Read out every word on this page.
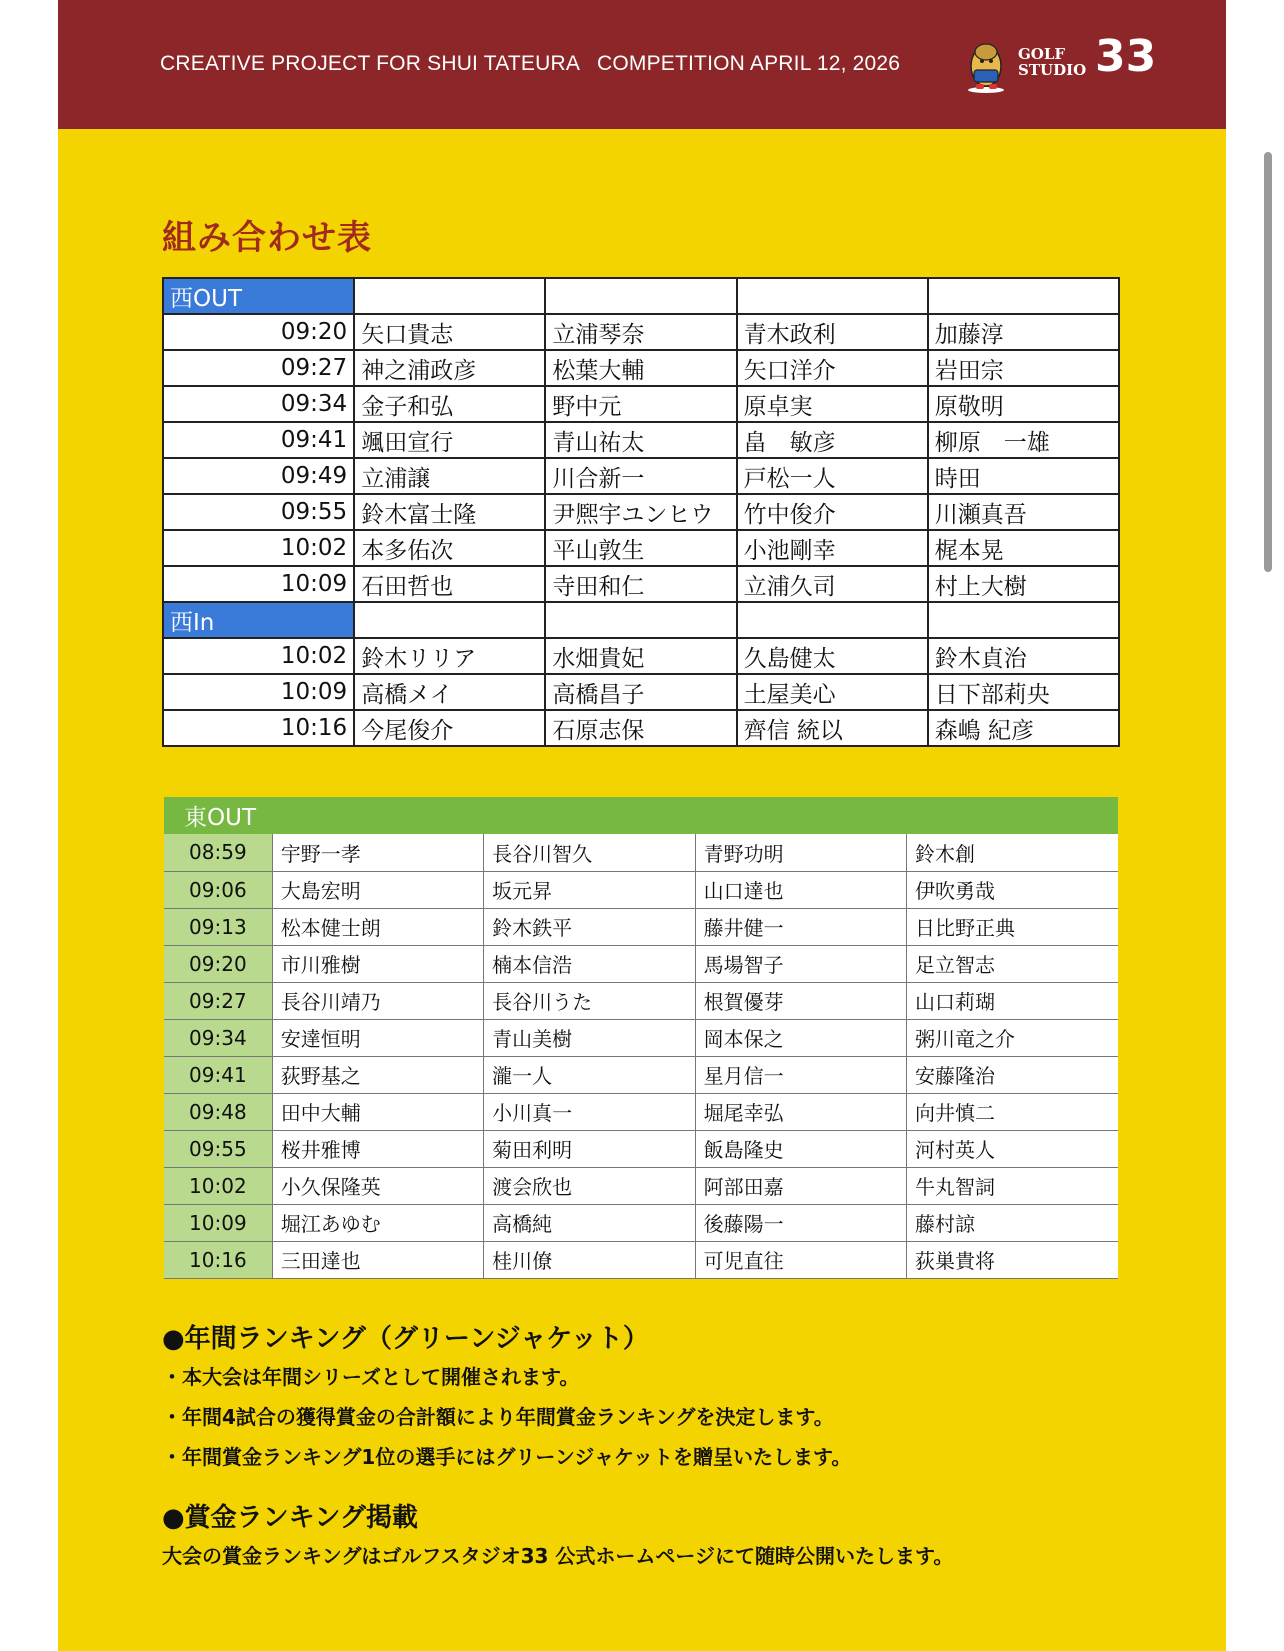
CREATIVE PROJECT FOR SHUI TATEURA   COMPETITION APRIL 12, 2026	GOLF
STUDIO 33
組み合わせ表
西OUT				
09:20	矢口貴志	立浦琴奈	青木政利	加藤淳
09:27	神之浦政彦	松葉大輔	矢口洋介	岩田宗
09:34	金子和弘	野中元	原卓実	原敬明
09:41	颯田宣行	青山祐太	畠　敏彦	柳原　一雄
09:49	立浦譲	川合新一	戸松一人	時田
09:55	鈴木富士隆	尹熈宇ユンヒウ	竹中俊介	川瀬真吾
10:02	本多佑次	平山敦生	小池剛幸	梶本晃
10:09	石田哲也	寺田和仁	立浦久司	村上大樹
西In				
10:02	鈴木リリア	水畑貴妃	久島健太	鈴木貞治
10:09	高橋メイ	高橋昌子	土屋美心	日下部莉央
10:16	今尾俊介	石原志保	齊信 統以	森嶋 紀彦
東OUT				
08:59	宇野一孝	長谷川智久	青野功明	鈴木創
09:06	大島宏明	坂元昇	山口達也	伊吹勇哉
09:13	松本健士朗	鈴木鉄平	藤井健一	日比野正典
09:20	市川雅樹	楠本信浩	馬場智子	足立智志
09:27	長谷川靖乃	長谷川うた	根賀優芽	山口莉瑚
09:34	安達恒明	青山美樹	岡本保之	粥川竜之介
09:41	荻野基之	瀧一人	星月信一	安藤隆治
09:48	田中大輔	小川真一	堀尾幸弘	向井慎二
09:55	桜井雅博	菊田利明	飯島隆史	河村英人
10:02	小久保隆英	渡会欣也	阿部田嘉	牛丸智詞
10:09	堀江あゆむ	高橋純	後藤陽一	藤村諒
10:16	三田達也	桂川僚	可児直往	荻巣貴将
●年間ランキング（グリーンジャケット）
・本大会は年間シリーズとして開催されます。
・年間4試合の獲得賞金の合計額により年間賞金ランキングを決定します。
・年間賞金ランキング1位の選手にはグリーンジャケットを贈呈いたします。
●賞金ランキング掲載
大会の賞金ランキングはゴルフスタジオ33 公式ホームページにて随時公開いたします。
